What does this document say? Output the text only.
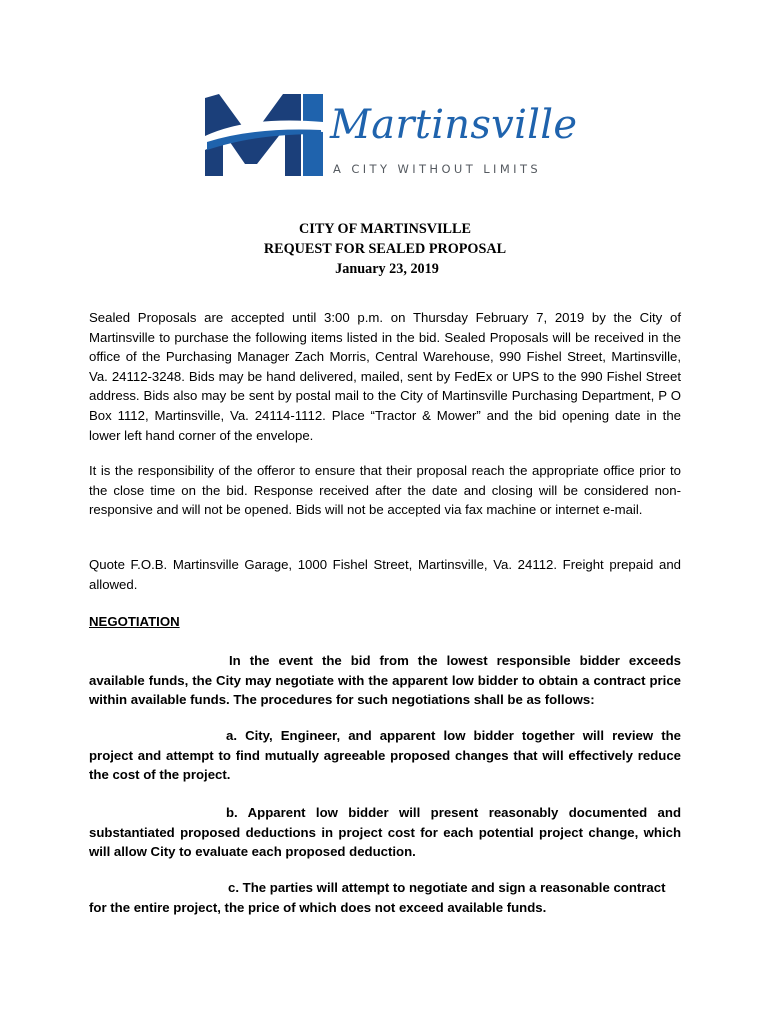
Martinsville
A CITY WITHOUT LIMITS
CITY OF MARTINSVILLE
REQUEST FOR SEALED PROPOSAL
January 23, 2019
Sealed Proposals are accepted until 3:00 p.m. on Thursday February 7, 2019 by the City of Martinsville to purchase the following items listed in the bid. Sealed Proposals will be received in the office of the Purchasing Manager Zach Morris, Central Warehouse, 990 Fishel Street, Martinsville, Va. 24112-3248. Bids may be hand delivered, mailed, sent by FedEx or UPS to the 990 Fishel Street address. Bids also may be sent by postal mail to the City of Martinsville Purchasing Department, P O Box 1112, Martinsville, Va. 24114-1112. Place “Tractor & Mower” and the bid opening date in the lower left hand corner of the envelope.
It is the responsibility of the offeror to ensure that their proposal reach the appropriate office prior to the close time on the bid. Response received after the date and closing will be considered non-responsive and will not be opened. Bids will not be accepted via fax machine or internet e-mail.
Quote F.O.B. Martinsville Garage, 1000 Fishel Street, Martinsville, Va. 24112. Freight prepaid and allowed.
NEGOTIATION
In the event the bid from the lowest responsible bidder exceeds available funds, the City may negotiate with the apparent low bidder to obtain a contract price within available funds. The procedures for such negotiations shall be as follows:
a. City, Engineer, and apparent low bidder together will review the project and attempt to find mutually agreeable proposed changes that will effectively reduce the cost of the project.
b. Apparent low bidder will present reasonably documented and substantiated proposed deductions in project cost for each potential project change, which will allow City to evaluate each proposed deduction.
c. The parties will attempt to negotiate and sign a reasonable contract for the entire project, the price of which does not exceed available funds.
